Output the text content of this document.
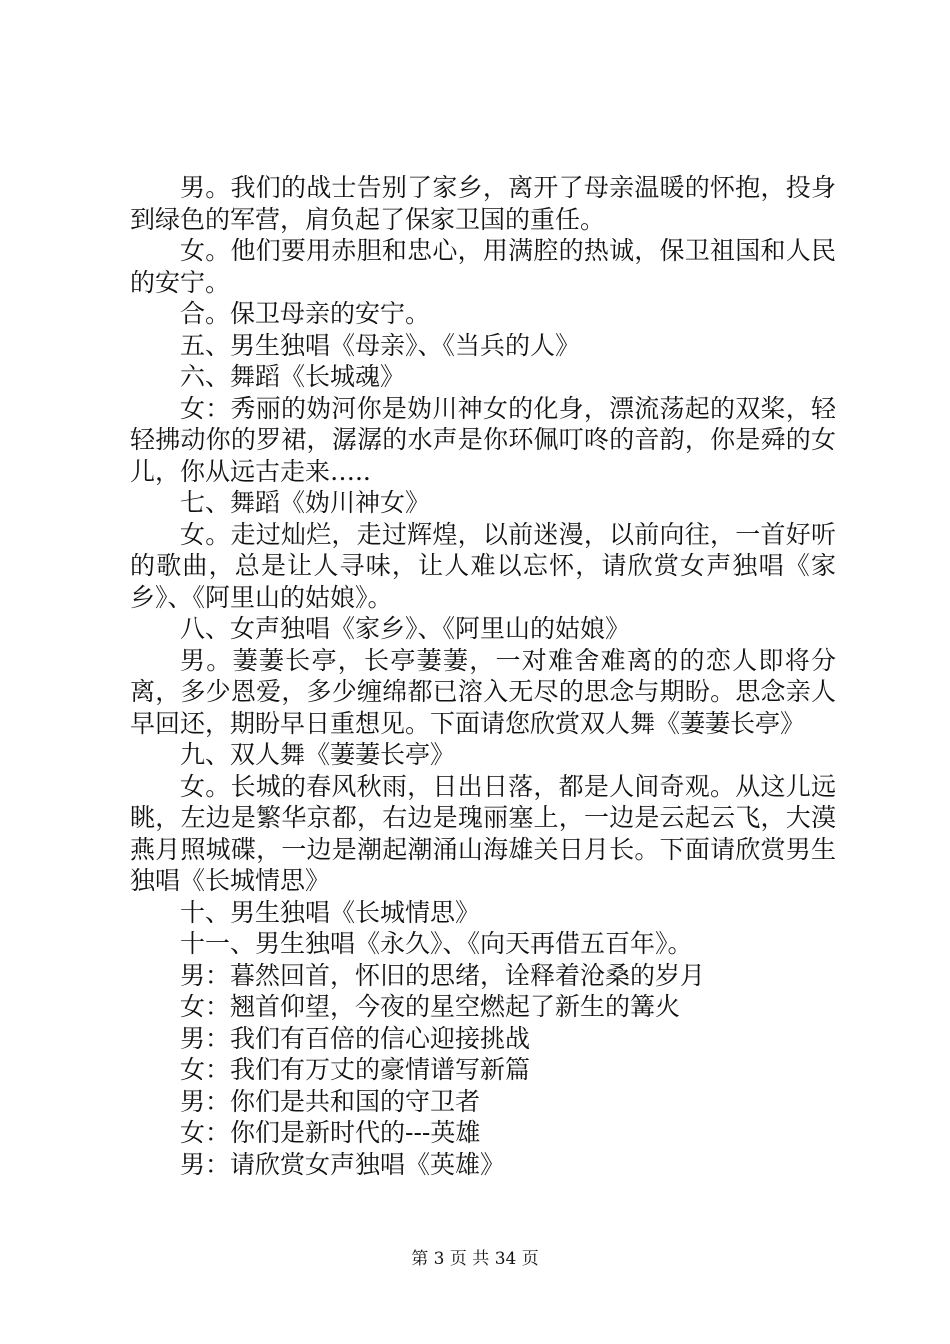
男。我们的战士告别了家乡，离开了母亲温暖的怀抱，投身到绿色的军营，肩负起了保家卫国的重任。

女。他们要用赤胆和忠心，用满腔的热诚，保卫祖国和人民的安宁。

合。保卫母亲的安宁。

五、男生独唱《母亲》、《当兵的人》

六、舞蹈《长城魂》

女：秀丽的妫河你是妫川神女的化身，漂流荡起的双桨，轻轻拂动你的罗裙，潺潺的水声是你环佩叮咚的音韵，你是舜的女儿，你从远古走来….．

七、舞蹈《妫川神女》

女。走过灿烂，走过辉煌，以前迷漫，以前向往，一首好听的歌曲，总是让人寻味，让人难以忘怀，请欣赏女声独唱《家乡》、《阿里山的姑娘》。

八、女声独唱《家乡》、《阿里山的姑娘》

男。萋萋长亭，长亭萋萋，一对难舍难离的的恋人即将分离，多少恩爱，多少缠绵都已溶入无尽的思念与期盼。思念亲人早回还，期盼早日重想见。下面请您欣赏双人舞《萋萋长亭》

九、双人舞《萋萋长亭》

女。长城的春风秋雨，日出日落，都是人间奇观。从这儿远眺，左边是繁华京都，右边是瑰丽塞上，一边是云起云飞，大漠燕月照城碟，一边是潮起潮涌山海雄关日月长。下面请欣赏男生独唱《长城情思》

十、男生独唱《长城情思》

十一、男生独唱《永久》、《向天再借五百年》。

男：暮然回首，怀旧的思绪，诠释着沧桑的岁月

女：翘首仰望，今夜的星空燃起了新生的篝火

男：我们有百倍的信心迎接挑战

女：我们有万丈的豪情谱写新篇

男：你们是共和国的守卫者

女：你们是新时代的---英雄

男：请欣赏女声独唱《英雄》

第 3 页 共 34 页
